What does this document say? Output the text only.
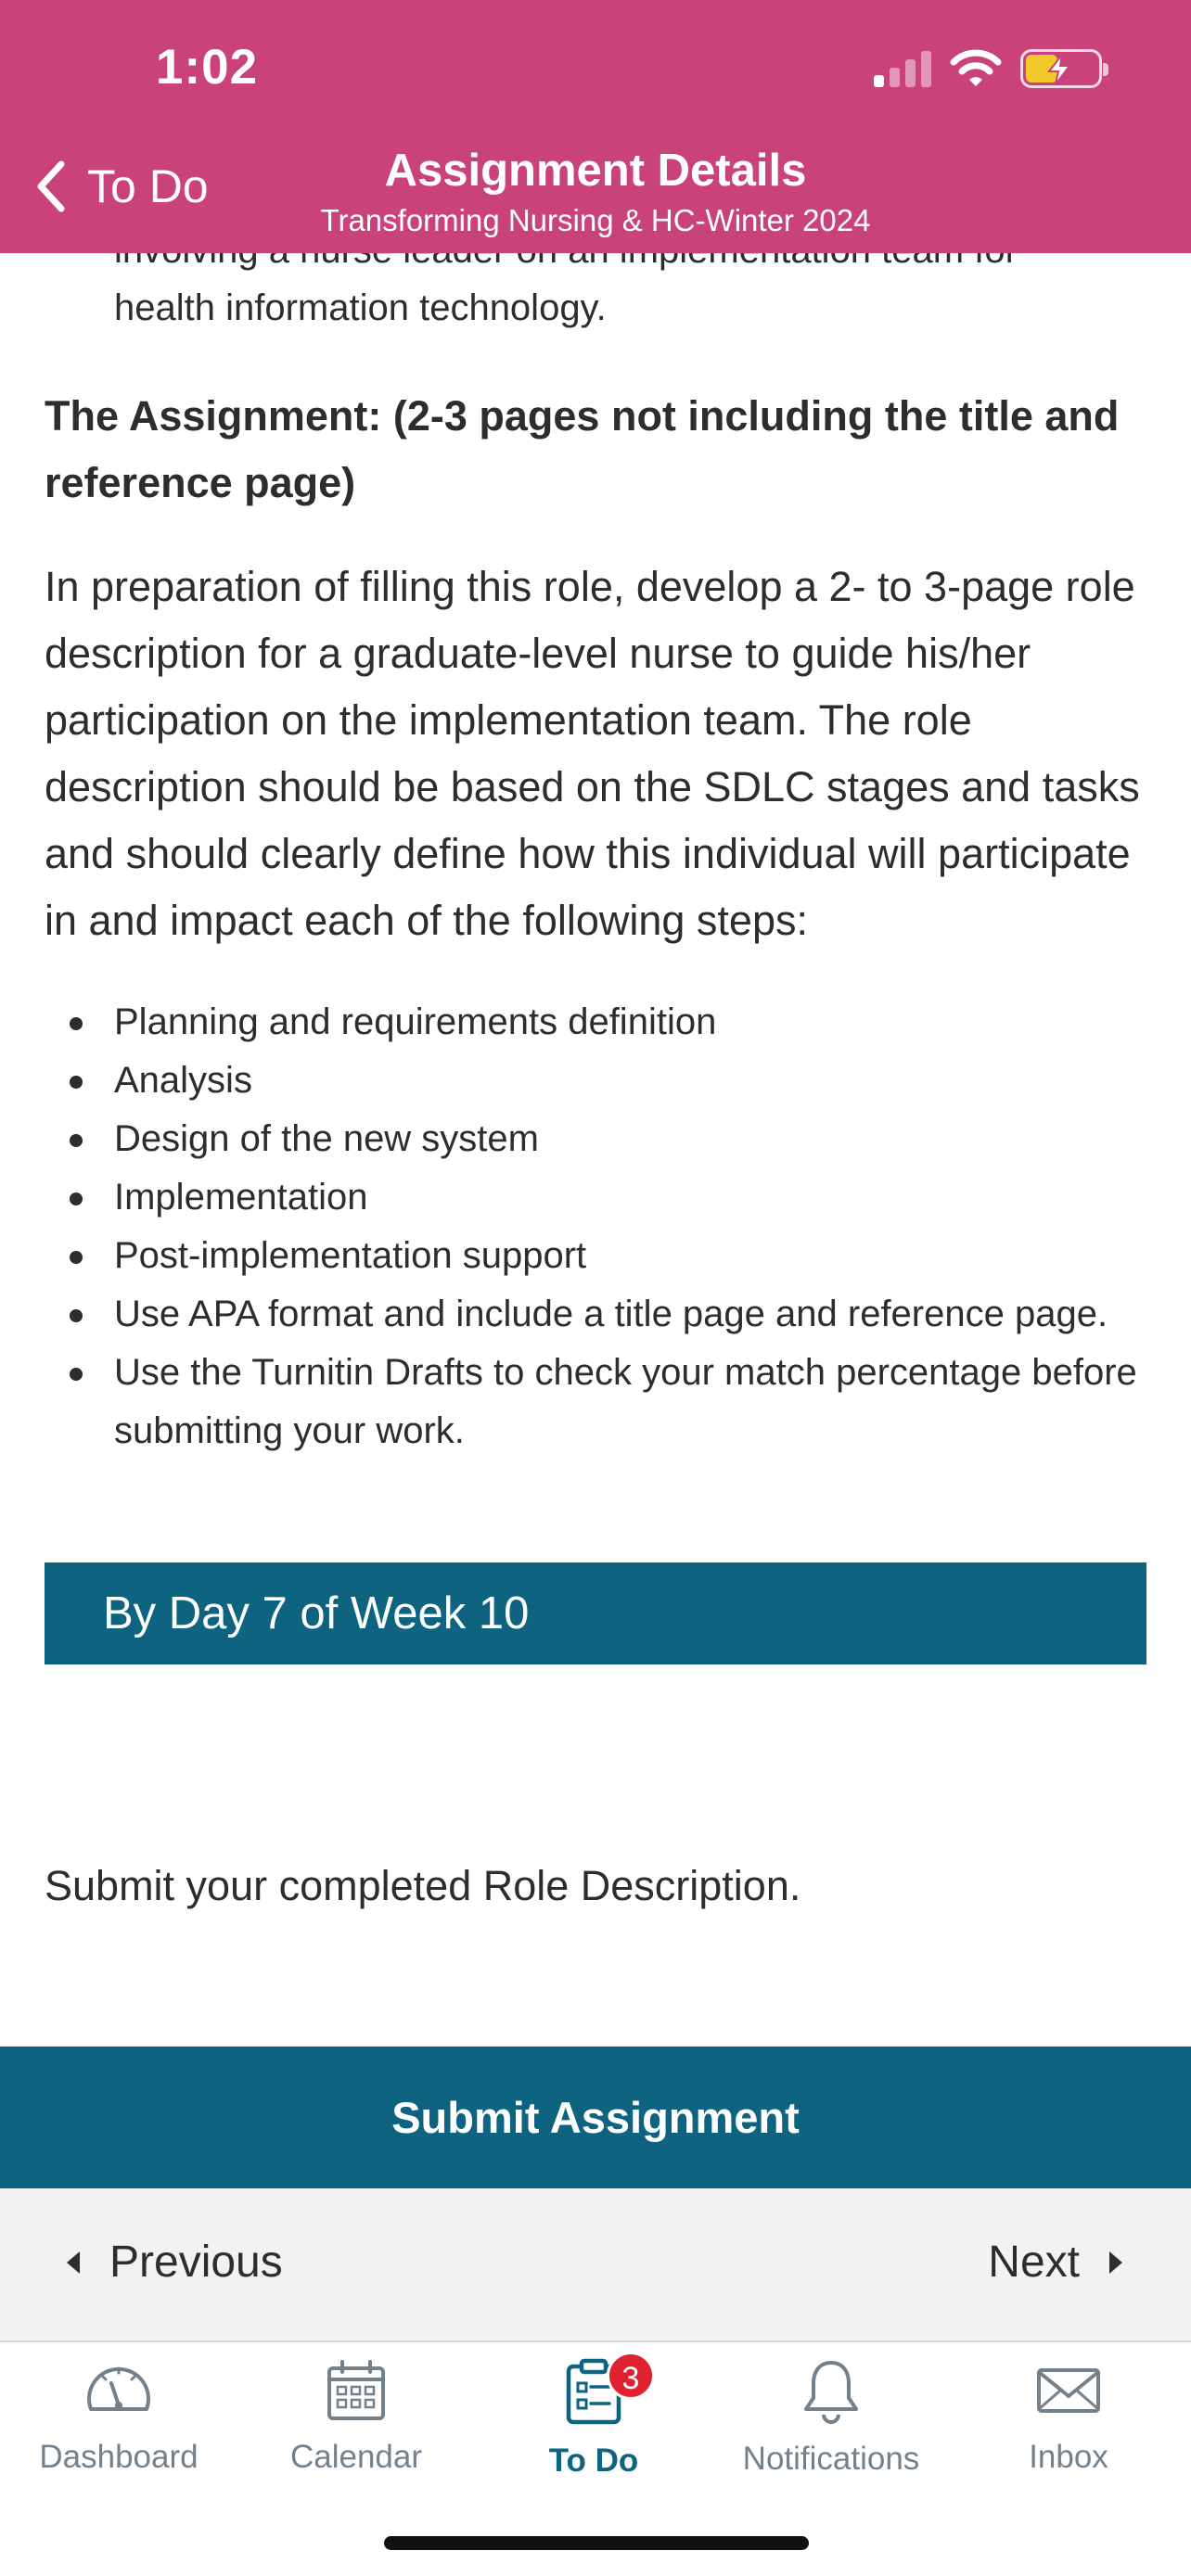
1:02
To Do	Assignment Details
Transforming Nursing & HC-Winter 2024
health information technology.
The Assignment: (2-3 pages not including the title and reference page)
In preparation of filling this role, develop a 2- to 3-page role description for a graduate-level nurse to guide his/her participation on the implementation team. The role description should be based on the SDLC stages and tasks and should clearly define how this individual will participate in and impact each of the following steps:
Planning and requirements definition
Analysis
Design of the new system
Implementation
Post-implementation support
Use APA format and include a title page and reference page.
Use the Turnitin Drafts to check your match percentage before submitting your work.
By Day 7 of Week 10
Submit your completed Role Description.
Submit Assignment
Previous	Next
Dashboard	Calendar
3
To Do	Notifications	Inbox
